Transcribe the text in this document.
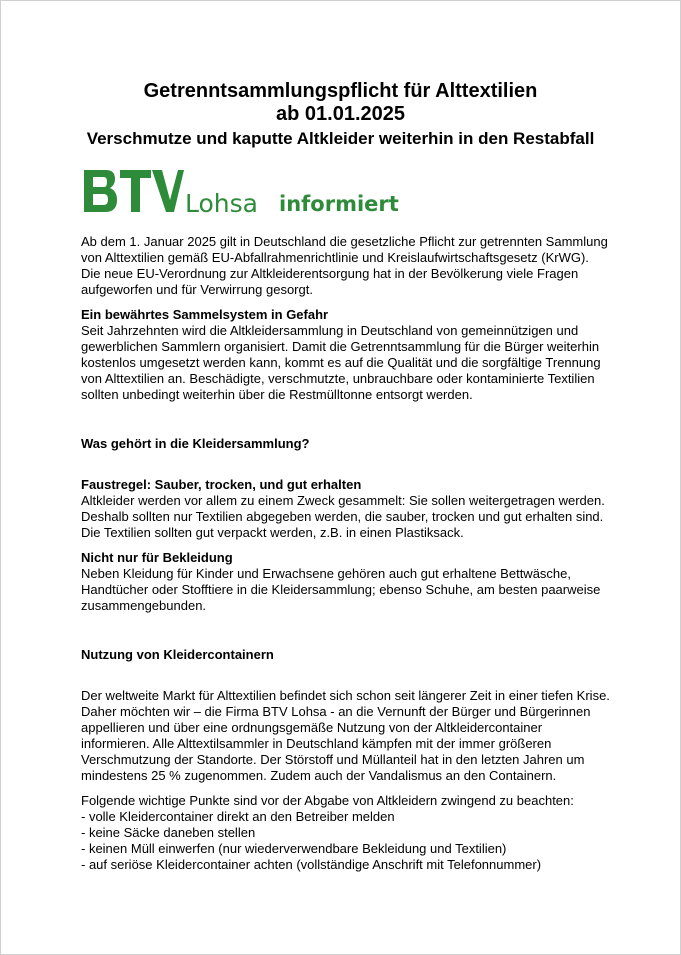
Getrenntsammlungspflicht für Alttextilien
ab 01.01.2025
Verschmutze und kaputte Altkleider weiterhin in den Restabfall
Lohsa informiert

Ab dem 1. Januar 2025 gilt in Deutschland die gesetzliche Pflicht zur getrennten Sammlung

von Alttextilien gemäß EU-Abfallrahmenrichtlinie und Kreislaufwirtschaftsgesetz (KrWG).

Die neue EU-Verordnung zur Altkleiderentsorgung hat in der Bevölkerung viele Fragen

aufgeworfen und für Verwirrung gesorgt.

Ein bewährtes Sammelsystem in Gefahr

Seit Jahrzehnten wird die Altkleidersammlung in Deutschland von gemeinnützigen und

gewerblichen Sammlern organisiert. Damit die Getrenntsammlung für die Bürger weiterhin

kostenlos umgesetzt werden kann, kommt es auf die Qualität und die sorgfältige Trennung

von Alttextilien an. Beschädigte, verschmutzte, unbrauchbare oder kontaminierte Textilien

sollten unbedingt weiterhin über die Restmülltonne entsorgt werden.

Was gehört in die Kleidersammlung?

Faustregel: Sauber, trocken, und gut erhalten

Altkleider werden vor allem zu einem Zweck gesammelt: Sie sollen weitergetragen werden.

Deshalb sollten nur Textilien abgegeben werden, die sauber, trocken und gut erhalten sind.

Die Textilien sollten gut verpackt werden, z.B. in einen Plastiksack.

Nicht nur für Bekleidung

Neben Kleidung für Kinder und Erwachsene gehören auch gut erhaltene Bettwäsche,

Handtücher oder Stofftiere in die Kleidersammlung; ebenso Schuhe, am besten paarweise

zusammengebunden.

Nutzung von Kleidercontainern

Der weltweite Markt für Alttextilien befindet sich schon seit längerer Zeit in einer tiefen Krise.

Daher möchten wir – die Firma BTV Lohsa - an die Vernunft der Bürger und Bürgerinnen

appellieren und über eine ordnungsgemäße Nutzung von der Altkleidercontainer

informieren. Alle Alttextilsammler in Deutschland kämpfen mit der immer größeren

Verschmutzung der Standorte. Der Störstoff und Müllanteil hat in den letzten Jahren um

mindestens 25 % zugenommen. Zudem auch der Vandalismus an den Containern.

Folgende wichtige Punkte sind vor der Abgabe von Altkleidern zwingend zu beachten:

- volle Kleidercontainer direkt an den Betreiber melden

- keine Säcke daneben stellen

- keinen Müll einwerfen (nur wiederverwendbare Bekleidung und Textilien)

- auf seriöse Kleidercontainer achten (vollständige Anschrift mit Telefonnummer)
